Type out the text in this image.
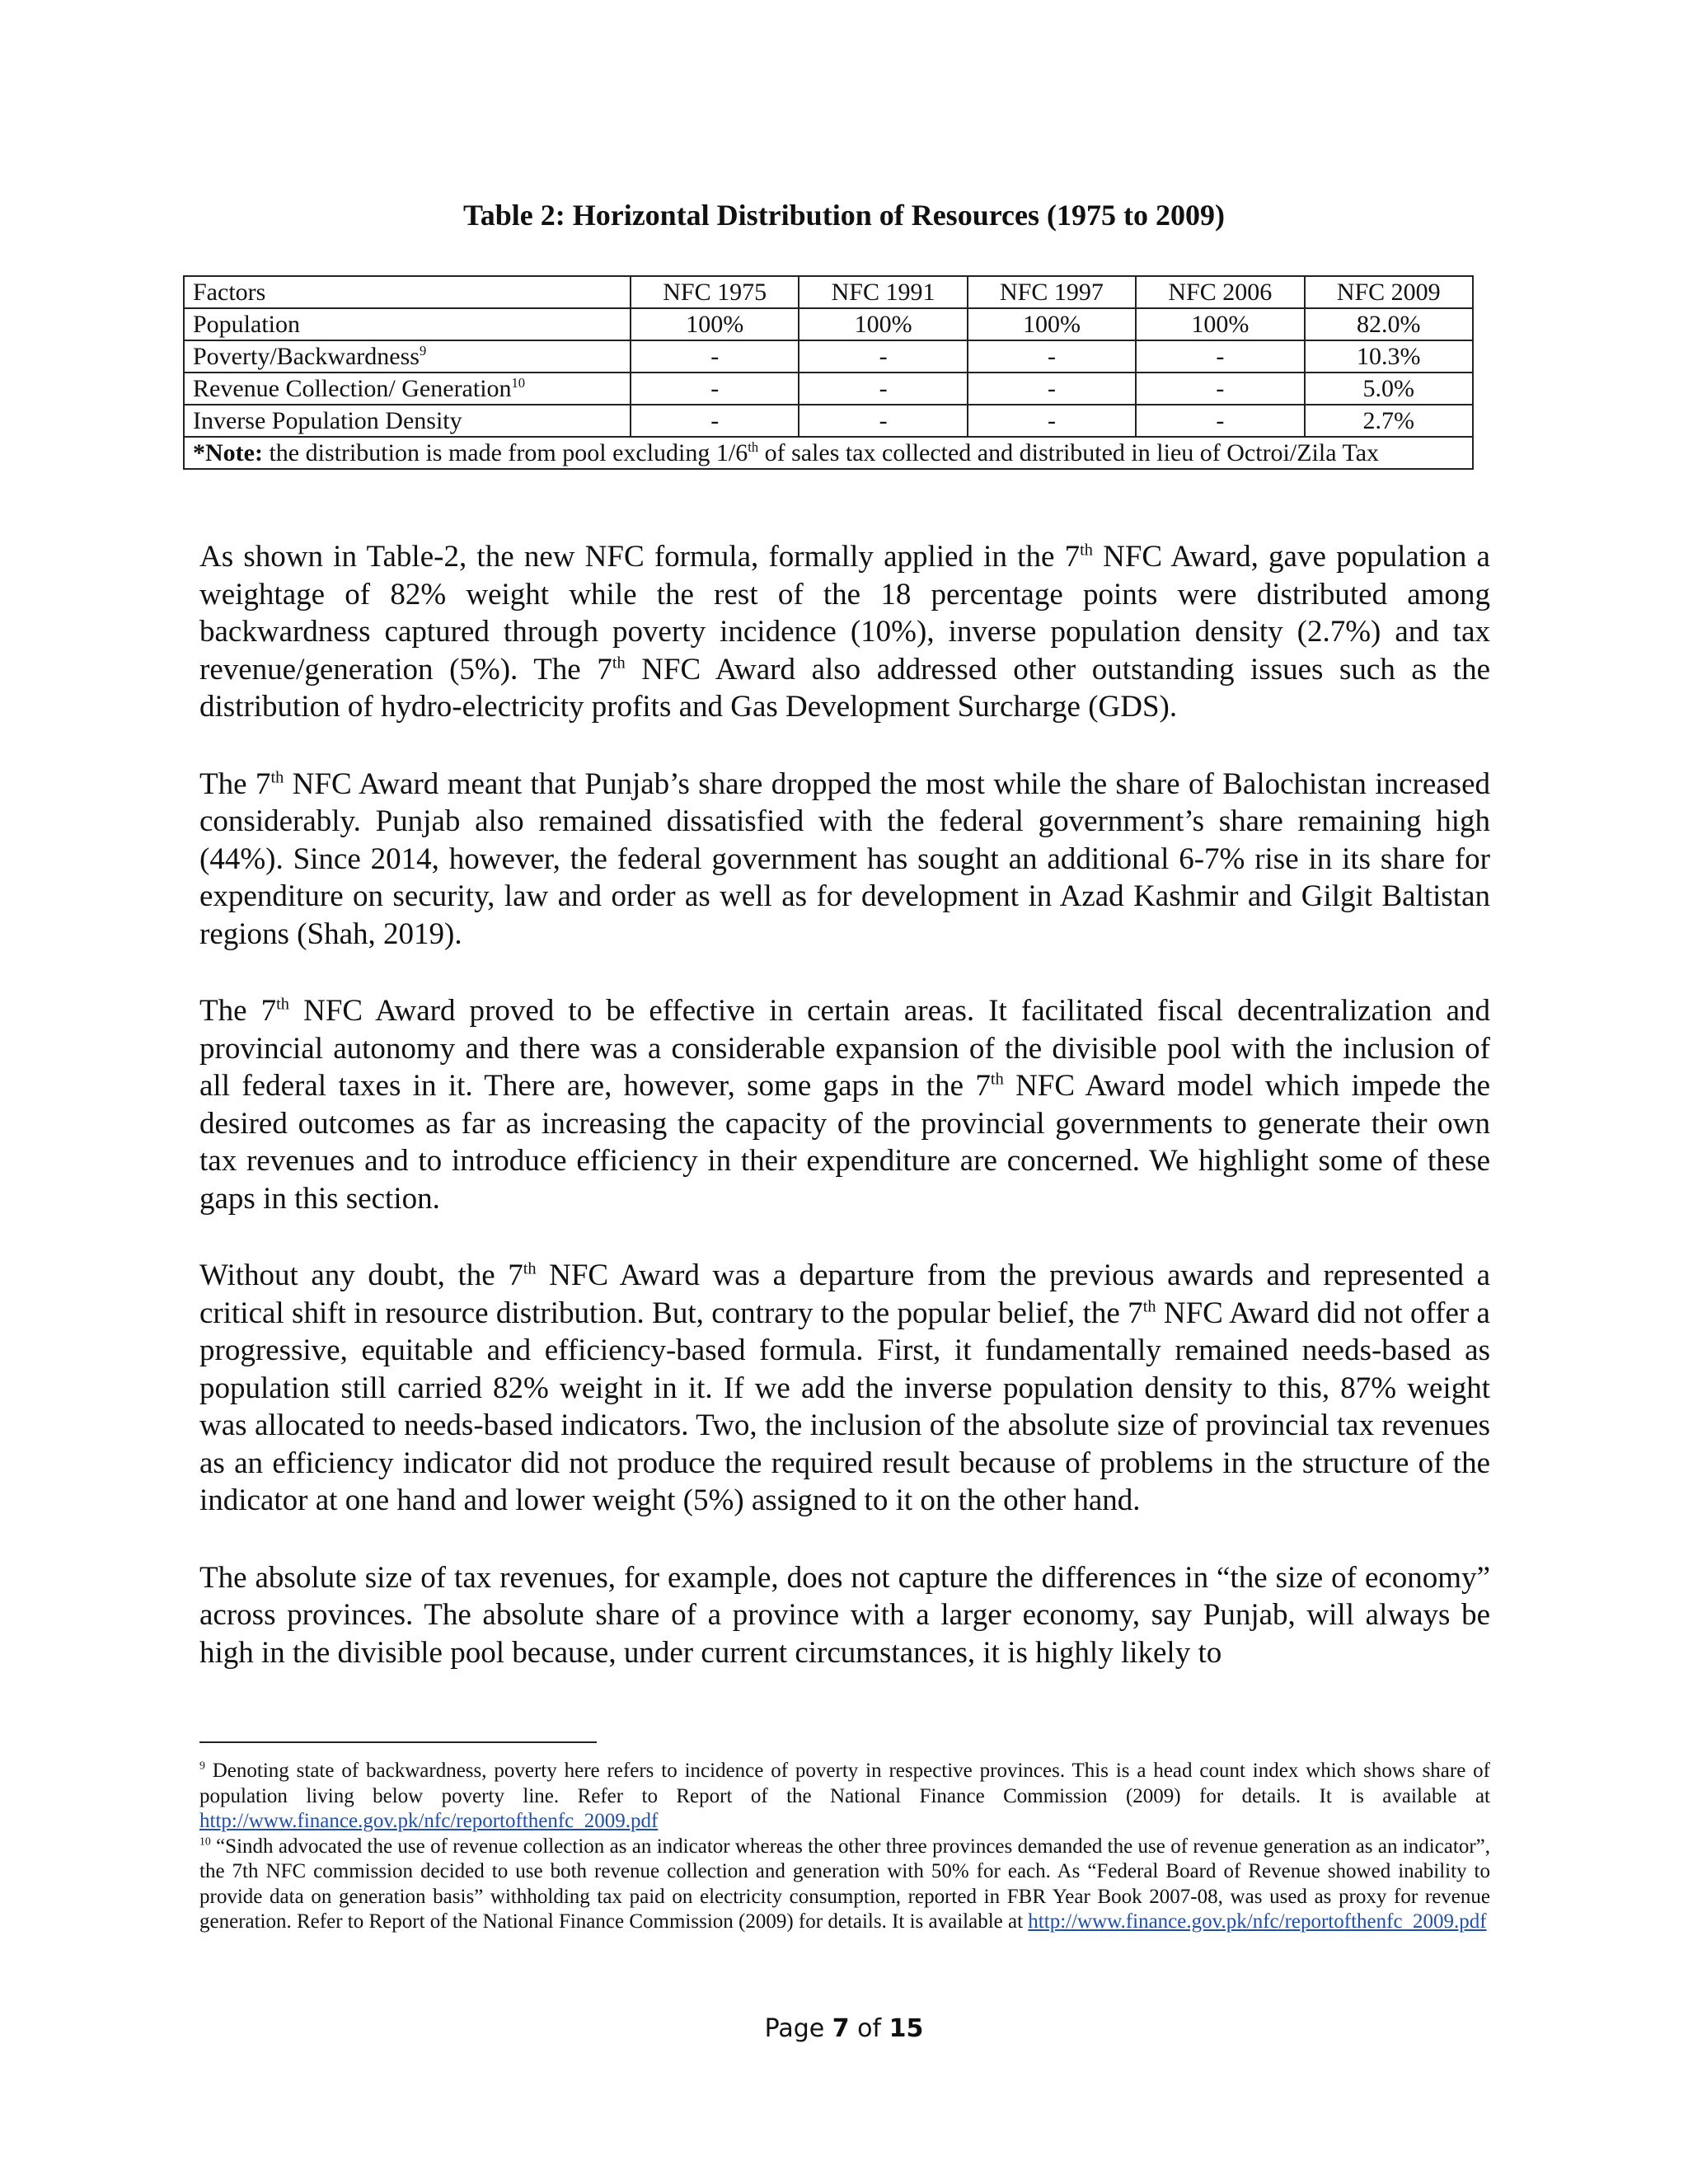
Table 2: Horizontal Distribution of Resources (1975 to 2009)
Factors	NFC 1975	NFC 1991	NFC 1997	NFC 2006	NFC 2009
Population	100%	100%	100%	100%	82.0%
Poverty/Backwardness$^9$	-	-	-	-	10.3%
Revenue Collection/ Generation$^{10}$	-	-	-	-	5.0%
Inverse Population Density	-	-	-	-	2.7%
*Note: the distribution is made from pool excluding 1/6th of sales tax collected and distributed in lieu of Octroi/Zila Tax					

As shown in Table-2, the new NFC formula, formally applied in the 7th NFC Award, gave population a weightage of 82% weight while the rest of the 18 percentage points were distributed among backwardness captured through poverty incidence (10%), inverse population density (2.7%) and tax revenue/generation (5%). The 7th NFC Award also addressed other outstanding issues such as the distribution of hydro-electricity profits and Gas Development Surcharge (GDS).

The 7th NFC Award meant that Punjab’s share dropped the most while the share of Balochistan increased considerably. Punjab also remained dissatisfied with the federal government’s share remaining high (44%). Since 2014, however, the federal government has sought an additional 6-7% rise in its share for expenditure on security, law and order as well as for development in Azad Kashmir and Gilgit Baltistan regions (Shah, 2019).

The 7th NFC Award proved to be effective in certain areas. It facilitated fiscal decentralization and provincial autonomy and there was a considerable expansion of the divisible pool with the inclusion of all federal taxes in it. There are, however, some gaps in the 7th NFC Award model which impede the desired outcomes as far as increasing the capacity of the provincial governments to generate their own tax revenues and to introduce efficiency in their expenditure are concerned. We highlight some of these gaps in this section.

Without any doubt, the 7th NFC Award was a departure from the previous awards and represented a critical shift in resource distribution. But, contrary to the popular belief, the 7th NFC Award did not offer a progressive, equitable and efficiency-based formula. First, it fundamentally remained needs-based as population still carried 82% weight in it. If we add the inverse population density to this, 87% weight was allocated to needs-based indicators. Two, the inclusion of the absolute size of provincial tax revenues as an efficiency indicator did not produce the required result because of problems in the structure of the indicator at one hand and lower weight (5%) assigned to it on the other hand.

The absolute size of tax revenues, for example, does not capture the differences in “the size of economy” across provinces. The absolute share of a province with a larger economy, say Punjab, will always be high in the divisible pool because, under current circumstances, it is highly likely to

$^9$ Denoting state of backwardness, poverty here refers to incidence of poverty in respective provinces. This is a head count index which shows share of population living below poverty line. Refer to Report of the National Finance Commission (2009) for details. It is available at http://www.finance.gov.pk/nfc/reportofthenfc_2009.pdf

$^{10}$ “Sindh advocated the use of revenue collection as an indicator whereas the other three provinces demanded the use of revenue generation as an indicator”, the 7th NFC commission decided to use both revenue collection and generation with 50% for each. As “Federal Board of Revenue showed inability to provide data on generation basis” withholding tax paid on electricity consumption, reported in FBR Year Book 2007-08, was used as proxy for revenue generation. Refer to Report of the National Finance Commission (2009) for details. It is available at http://www.finance.gov.pk/nfc/reportofthenfc_2009.pdf

Page 7 of 15
